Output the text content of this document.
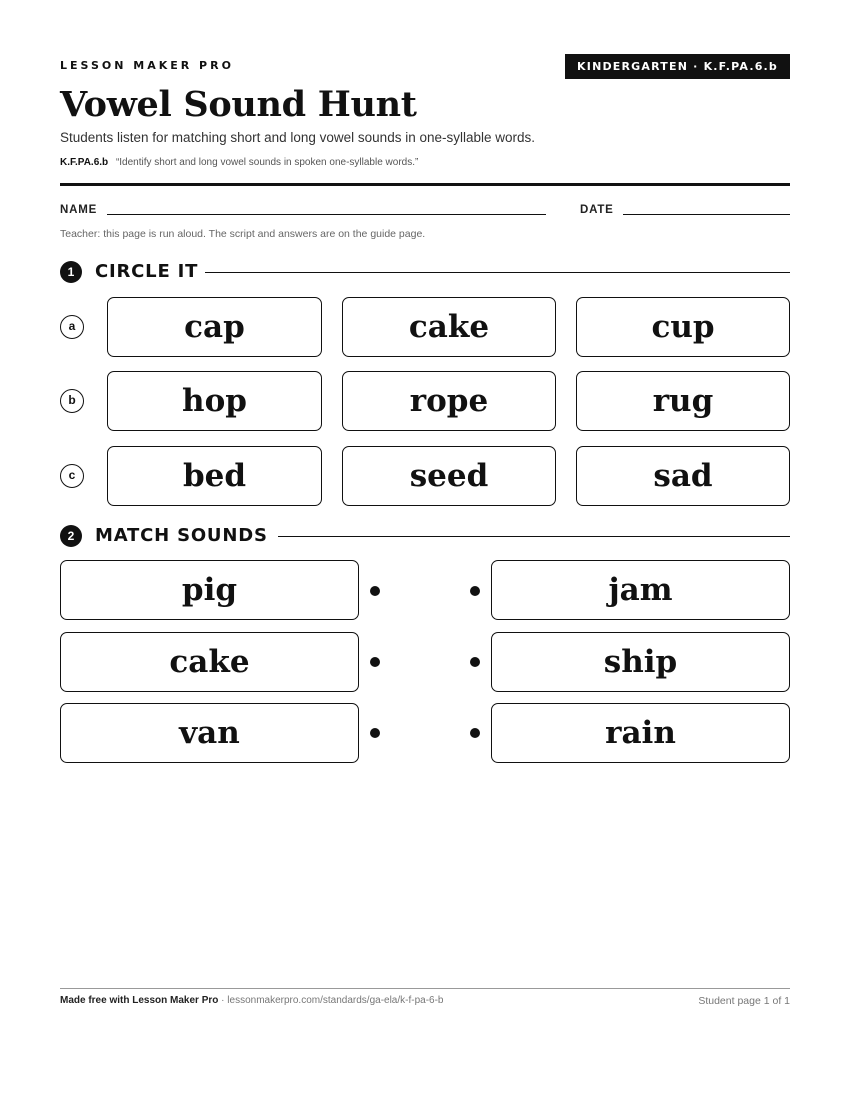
LESSON MAKER PRO	KINDERGARTEN · K.F.PA.6.b
Vowel Sound Hunt
Students listen for matching short and long vowel sounds in one-syllable words.
K.F.PA.6.b “Identify short and long vowel sounds in spoken one-syllable words.”
NAME	DATE
Teacher: this page is run aloud. The script and answers are on the guide page.
1	CIRCLE IT
a	cap	cake	cup
b	hop	rope	rug
c	bed	seed	sad
2	MATCH SOUNDS
pig	jam
cake	ship
van	rain
Made free with Lesson Maker Pro · lessonmakerpro.com/standards/ga-ela/k-f-pa-6-b	Student page 1 of 1
